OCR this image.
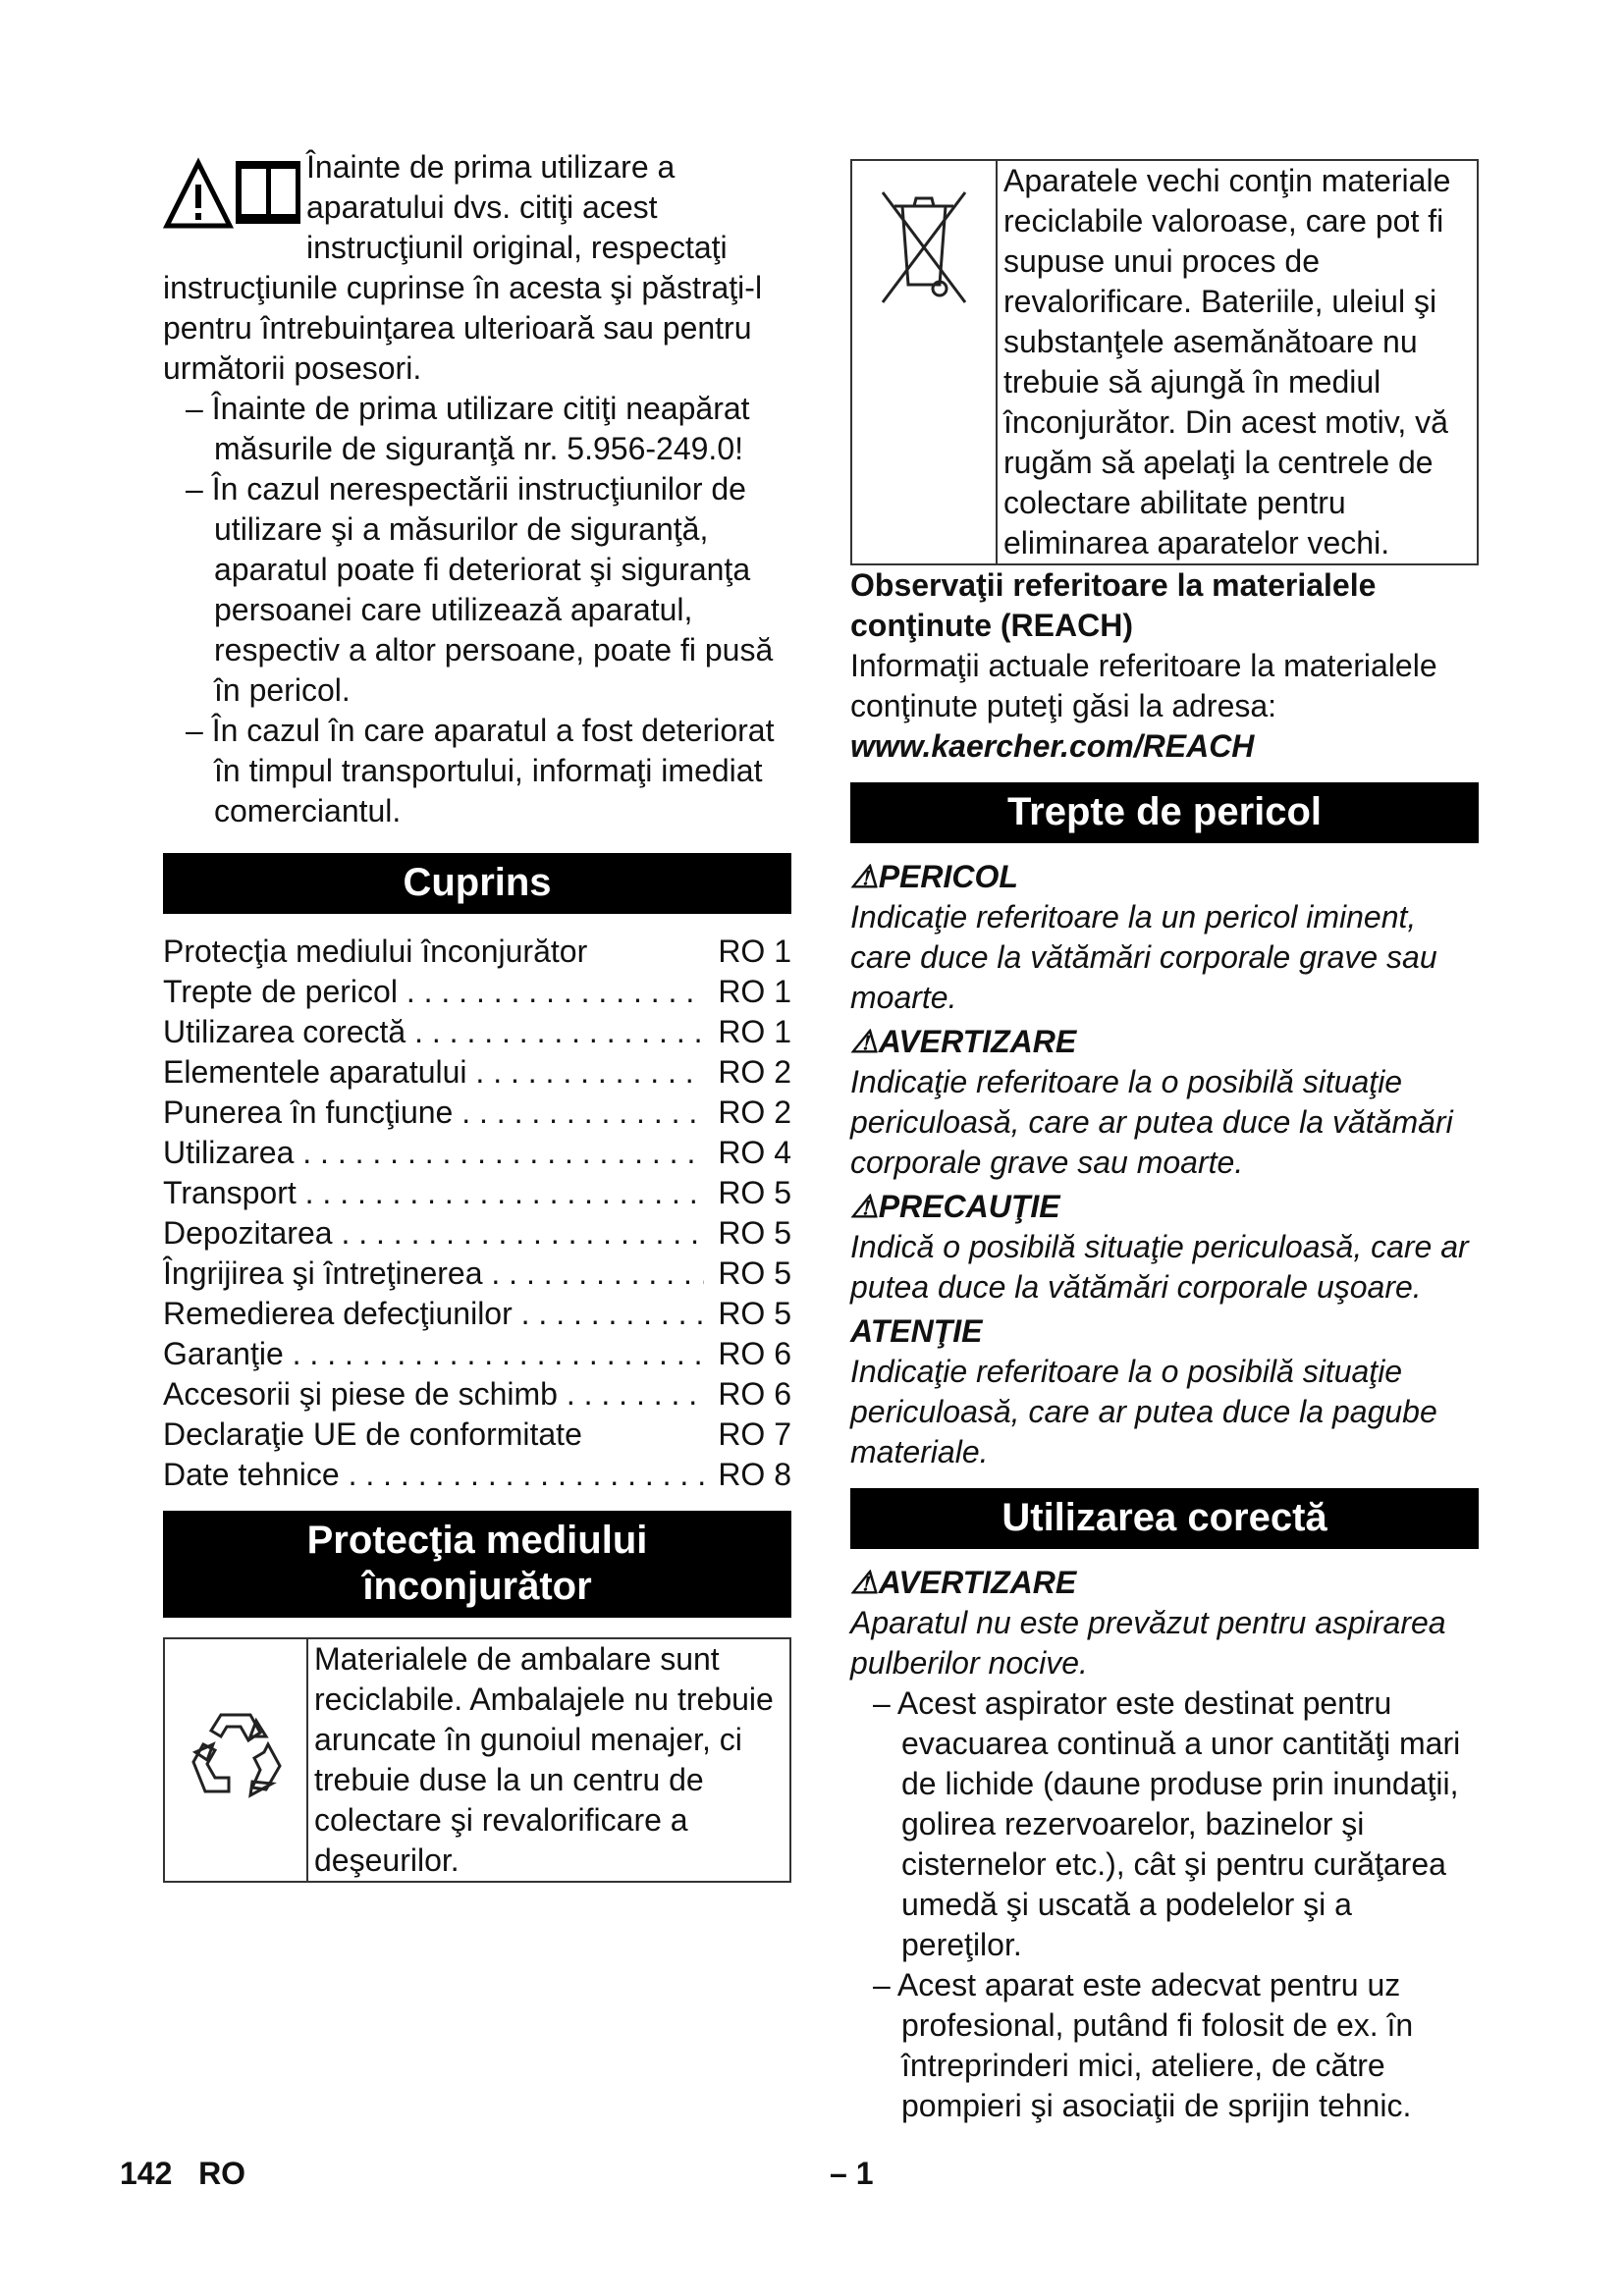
Înainte de prima utilizare a aparatului dvs. citiţi acest instrucţiunil original, respectaţi instrucţiunile cuprinse în acesta şi păstraţi-l pentru întrebuinţarea ulterioară sau pentru următorii posesori.

– Înainte de prima utilizare citiţi neapărat măsurile de siguranţă nr. 5.956-249.0!

– În cazul nerespectării instrucţiunilor de utilizare şi a măsurilor de siguranţă, aparatul poate fi deteriorat şi siguranţa persoanei care utilizează aparatul, respectiv a altor persoane, poate fi pusă în pericol.

– În cazul în care aparatul a fost deteriorat în timpul transportului, informaţi imediat comerciantul.

Cuprins
Protecţia mediului înconjurător	RO 1
Trepte de pericol . . .	RO 1
Utilizarea corectă . . .	RO 1
Elementele aparatului . . .	RO 2
Punerea în funcţiune . . .	RO 2
Utilizarea . . .	RO 4
Transport . . .	RO 5
Depozitarea . . .	RO 5
Îngrijirea şi întreţinerea . . .	RO 5
Remedierea defecţiunilor . . .	RO 5
Garanţie . . .	RO 6
Accesorii şi piese de schimb . . .	RO 6
Declaraţie UE de conformitate	RO 7
Date tehnice . . .	RO 8
Protecţia mediului
înconjurător
	Materialele de ambalare sunt reciclabile. Ambalajele nu trebuie aruncate în gunoiul menajer, ci trebuie duse la un centru de colectare şi revalorificare a deşeurilor.
	Aparatele vechi conţin materiale reciclabile valoroase, care pot fi supuse unui proces de revalorificare. Bateriile, uleiul şi substanţele asemănătoare nu trebuie să ajungă în mediul înconjurător. Din acest motiv, vă rugăm să apelaţi la centrele de colectare abilitate pentru eliminarea aparatelor vechi.

Observaţii referitoare la materialele conţinute (REACH)

Informaţii actuale referitoare la materialele conţinute puteţi găsi la adresa:

www.kaercher.com/REACH

Trepte de pericol

⚠PERICOL

Indicaţie referitoare la un pericol iminent, care duce la vătămări corporale grave sau moarte.

⚠AVERTIZARE

Indicaţie referitoare la o posibilă situaţie periculoasă, care ar putea duce la vătămări corporale grave sau moarte.

⚠PRECAUŢIE

Indică o posibilă situaţie periculoasă, care ar putea duce la vătămări corporale uşoare.

ATENŢIE

Indicaţie referitoare la o posibilă situaţie periculoasă, care ar putea duce la pagube materiale.

Utilizarea corectă

⚠AVERTIZARE

Aparatul nu este prevăzut pentru aspirarea pulberilor nocive.

– Acest aspirator este destinat pentru evacuarea continuă a unor cantităţi mari de lichide (daune produse prin inundaţii, golirea rezervoarelor, bazinelor şi cisternelor etc.), cât şi pentru curăţarea umedă şi uscată a podelelor şi a pereţilor.

– Acest aparat este adecvat pentru uz profesional, putând fi folosit de ex. în întreprinderi mici, ateliere, de către pompieri şi asociaţii de sprijin tehnic.

142 RO	– 1
